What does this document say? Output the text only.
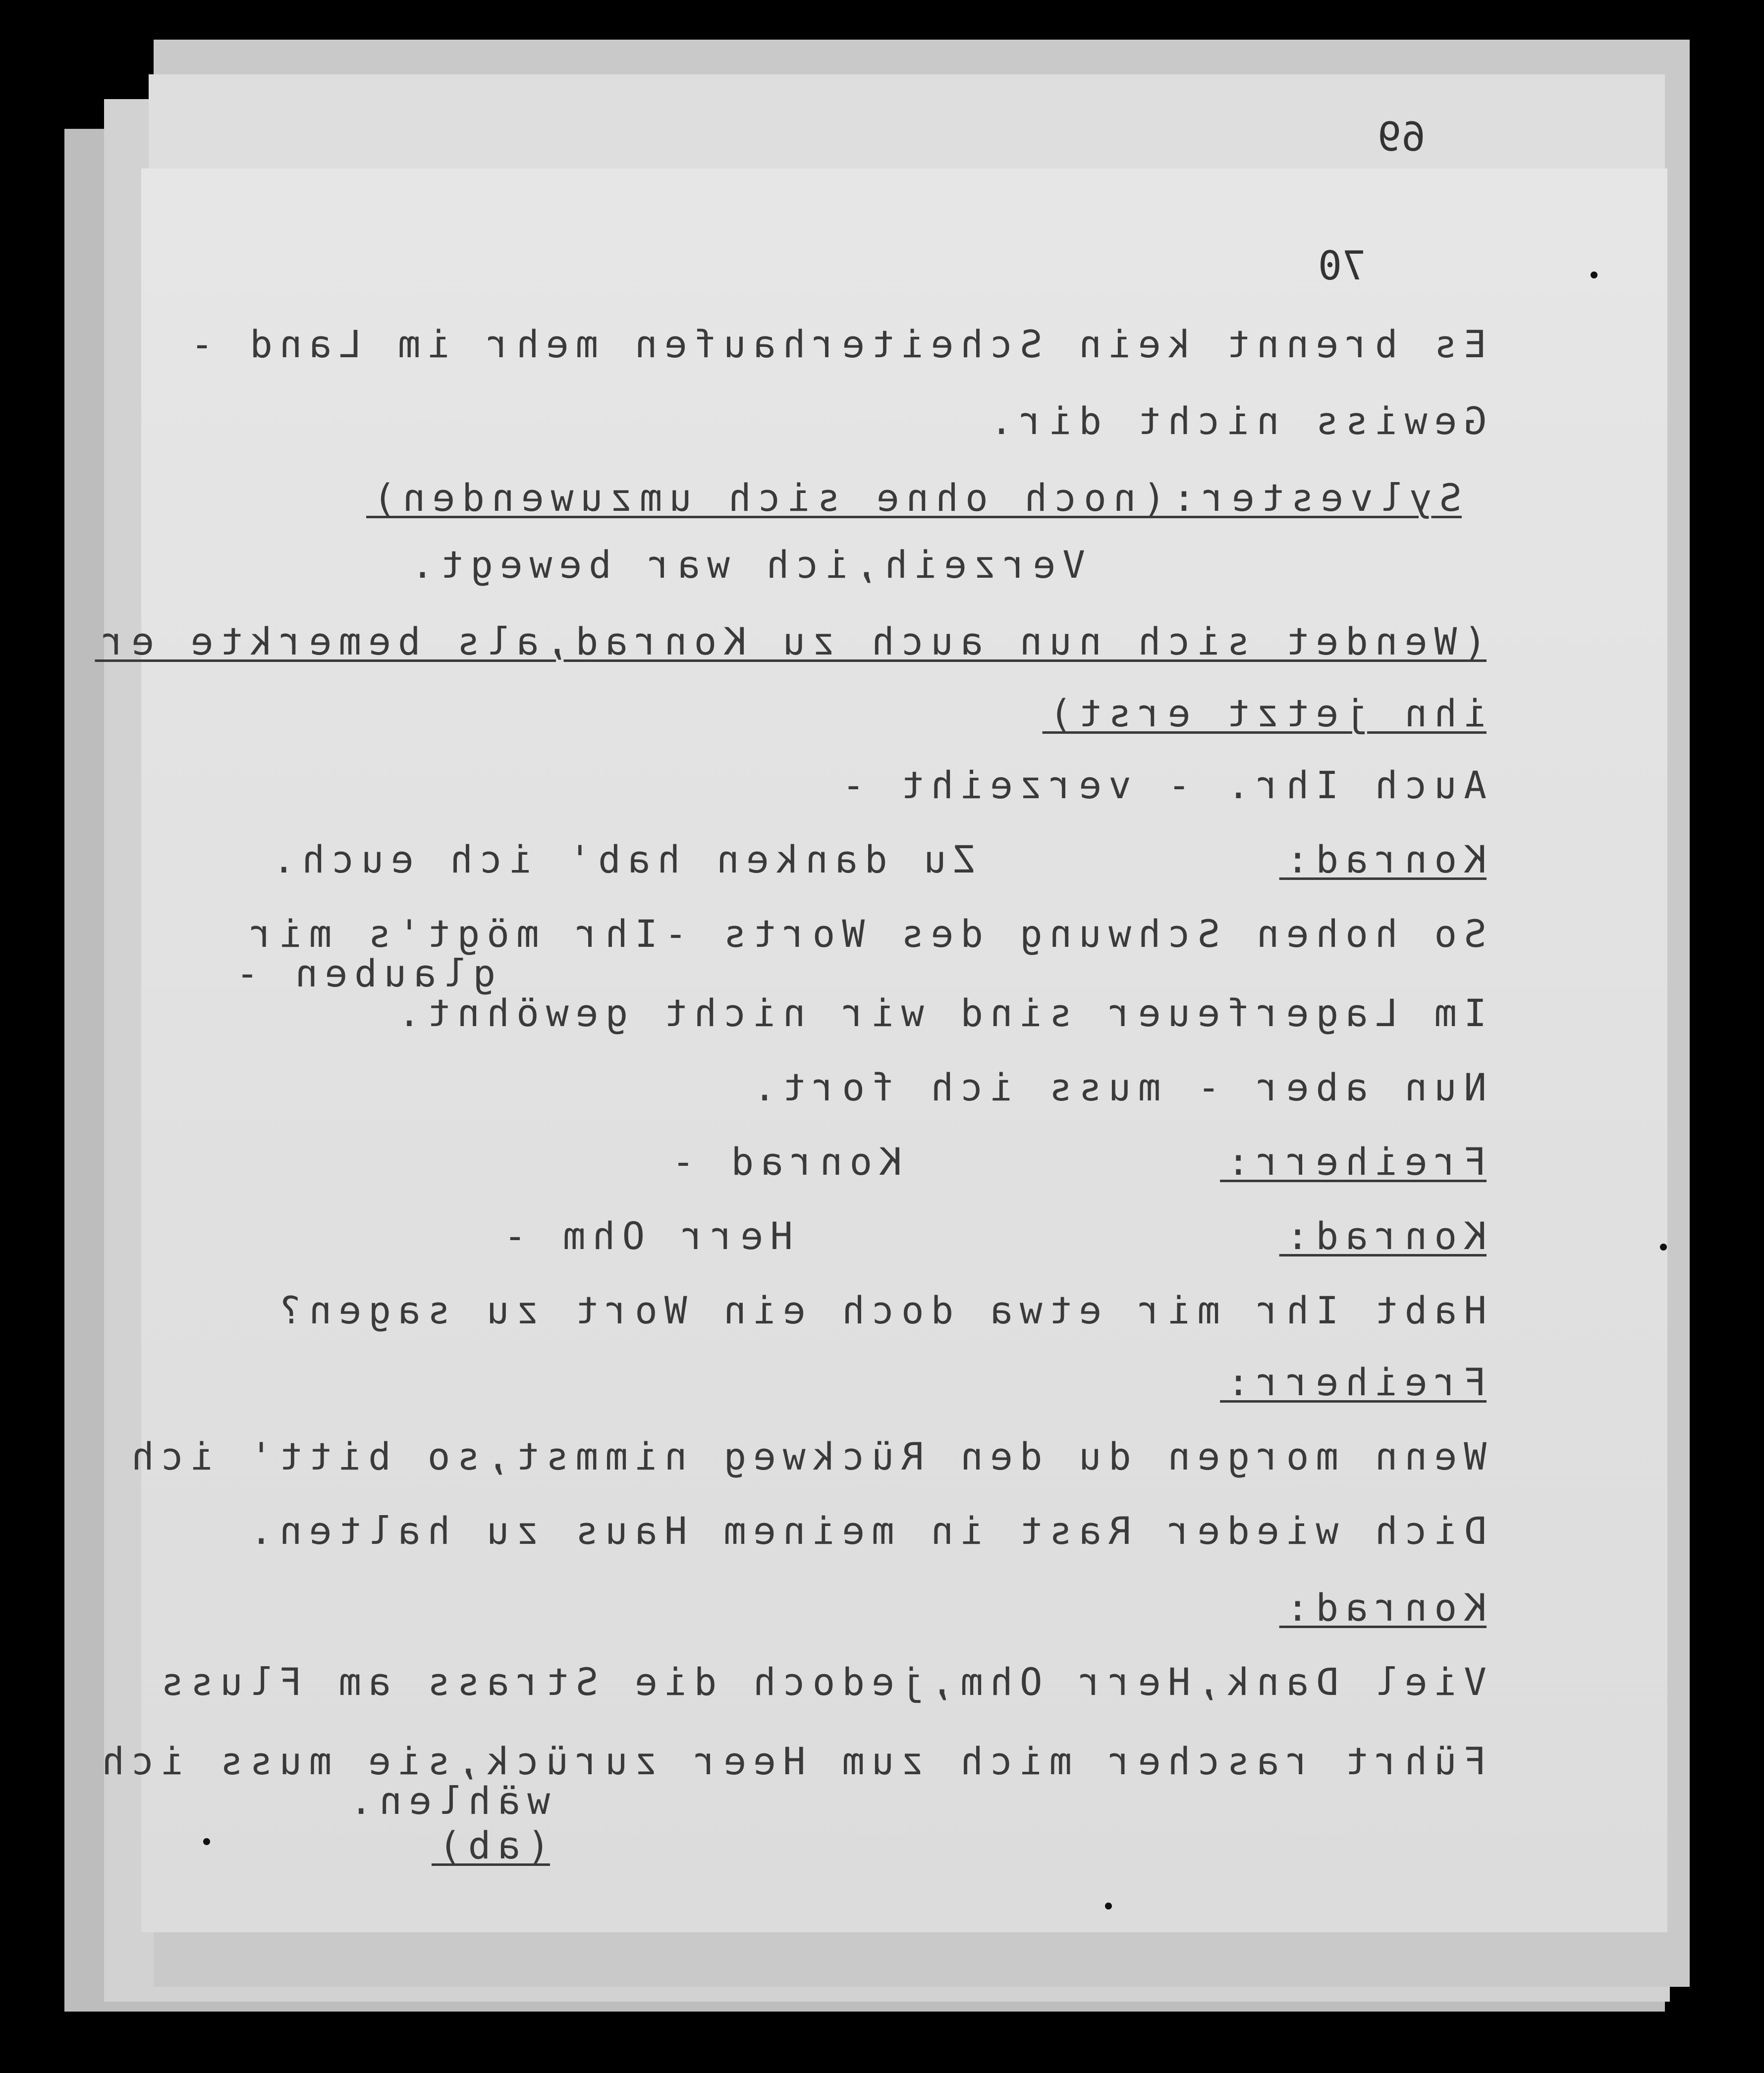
69
70
Es brennt kein Scheiterhaufen mehr im Land -
Gewiss nicht dir.
Sylvester:(noch ohne sich umzuwenden)
Verzeih,ich war bewegt.
(Wendet sich nun auch zu Konrad,als bemerkte er
ihn jetzt erst)
Auch Ihr. - verzeiht -
Konrad:
Zu danken hab' ich euch.
So hohen Schwung des Worts -Ihr mögt's mir
glauben -
Im Lagerfeuer sind wir nicht gewöhnt.
Nun aber - muss ich fort.
Freiherr:
Konrad -
Konrad:
Herr Ohm -
Habt Ihr mir etwa doch ein Wort zu sagen?
Freiherr:
Wenn morgen du den Rückweg nimmst,so bitt' ich
Dich wieder Rast in meinem Haus zu halten.
Konrad:
Viel Dank,Herr Ohm,jedoch die Strass am Fluss
Führt rascher mich zum Heer zurück,sie muss ich
wählen.
(ab)
